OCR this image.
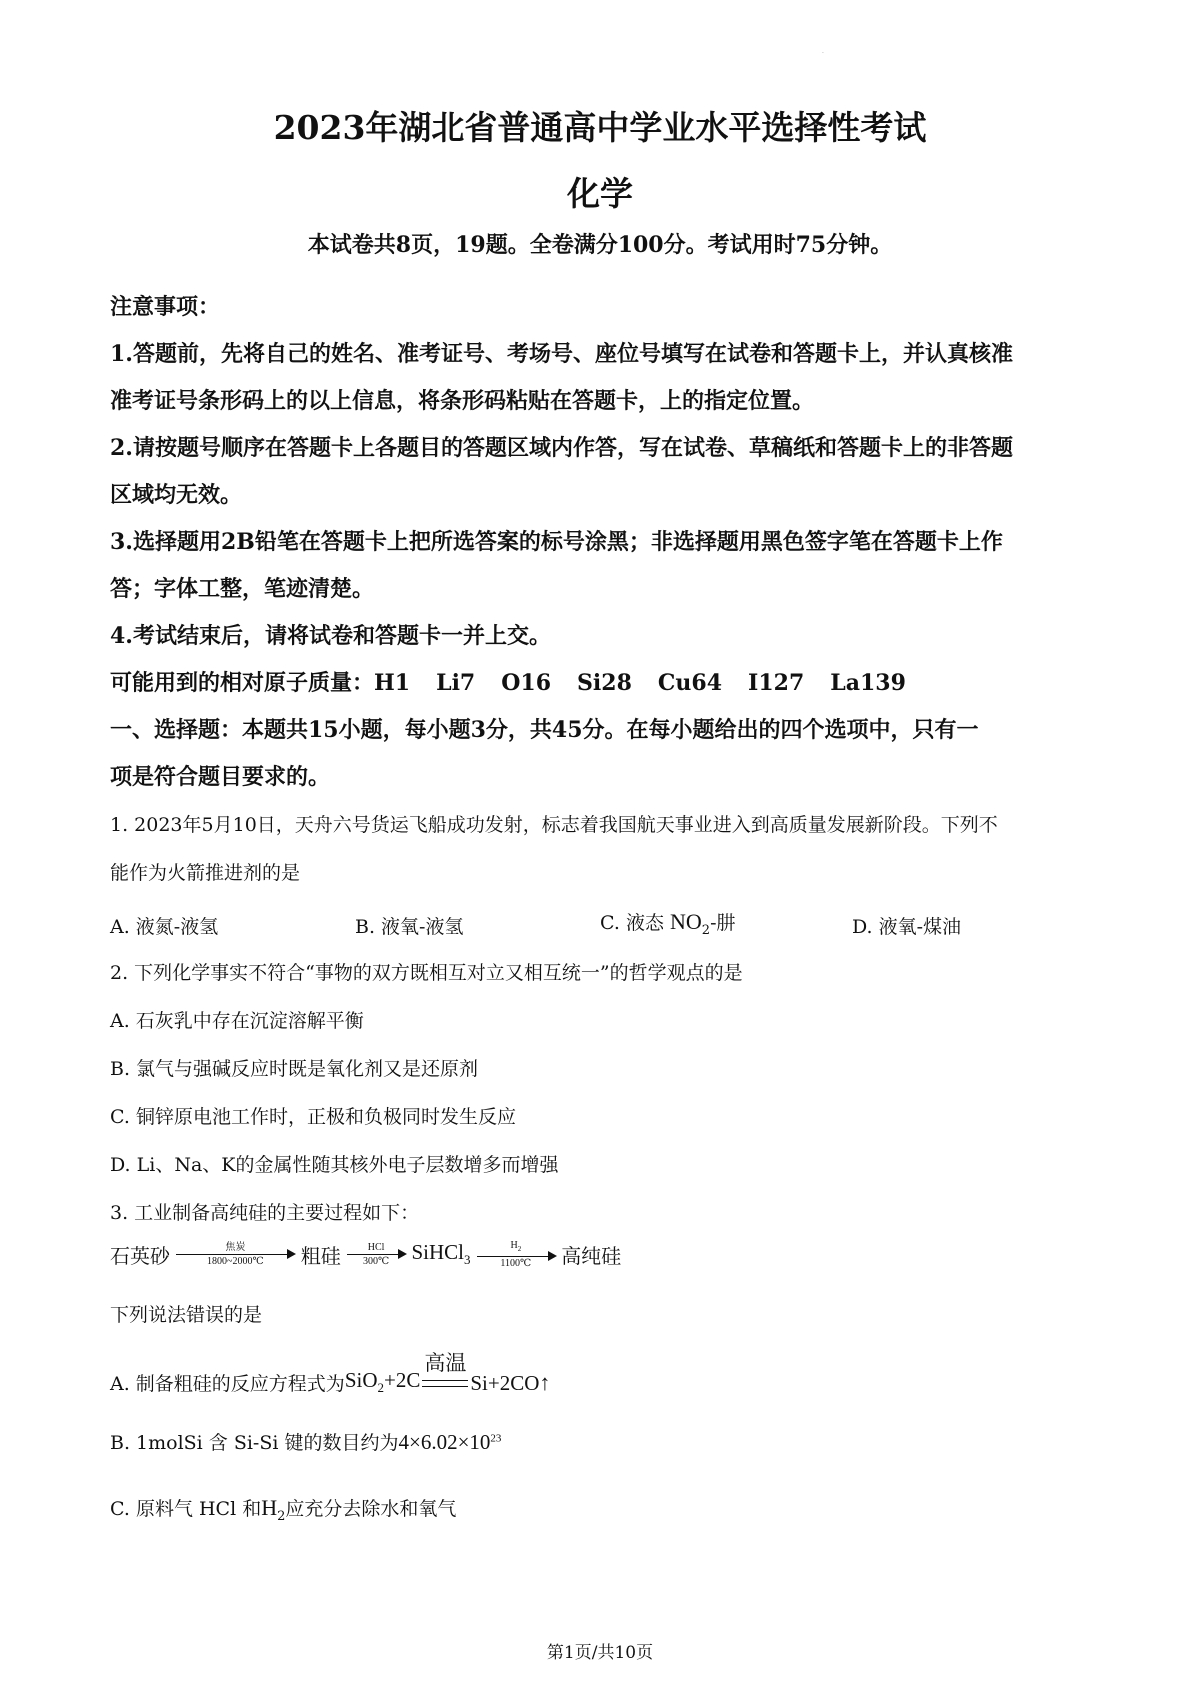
·
2023年湖北省普通高中学业水平选择性考试
化学
本试卷共8页，19题。全卷满分100分。考试用时75分钟。
注意事项：
1.答题前，先将自己的姓名、准考证号、考场号、座位号填写在试卷和答题卡上，并认真核准
准考证号条形码上的以上信息，将条形码粘贴在答题卡，上的指定位置。
2.请按题号顺序在答题卡上各题目的答题区域内作答，写在试卷、草稿纸和答题卡上的非答题
区域均无效。
3.选择题用2B铅笔在答题卡上把所选答案的标号涂黑；非选择题用黑色签字笔在答题卡上作
答；字体工整，笔迹清楚。
4.考试结束后，请将试卷和答题卡一并上交。
可能用到的相对原子质量：H1 Li7 O16 Si28 Cu64 I127 La139
一、选择题：本题共15小题，每小题3分，共45分。在每小题给出的四个选项中，只有一
项是符合题目要求的。
1. 2023年5月10日，天舟六号货运飞船成功发射，标志着我国航天事业进入到高质量发展新阶段。下列不
能作为火箭推进剂的是
A. 液氮-液氢	B. 液氧-液氢	C. 液态 $NO_2-$肼	D. 液氧-煤油
2. 下列化学事实不符合“事物的双方既相互对立又相互统一”的哲学观点的是
A. 石灰乳中存在沉淀溶解平衡
B. 氯气与强碱反应时既是氧化剂又是还原剂
C. 铜锌原电池工作时，正极和负极同时发生反应
D. Li、Na、K的金属性随其核外电子层数增多而增强
3. 工业制备高纯硅的主要过程如下：
石英砂	焦炭
1800~2000℃	粗硅	HCl
300℃	SiHCl$_3$ $\frac{H_2}{1100℃}$ 高纯硅
下列说法错误的是
A. 制备粗硅的反应方程式为SiO$_2$+2C
高温
Si+2CO↑
B. 1molSi 含 Si-Si 键的数目约为$4\times 6.02\times 10^{23}$
C. 原料气 HCl 和$H_2$应充分去除水和氧气
第1页/共10页
